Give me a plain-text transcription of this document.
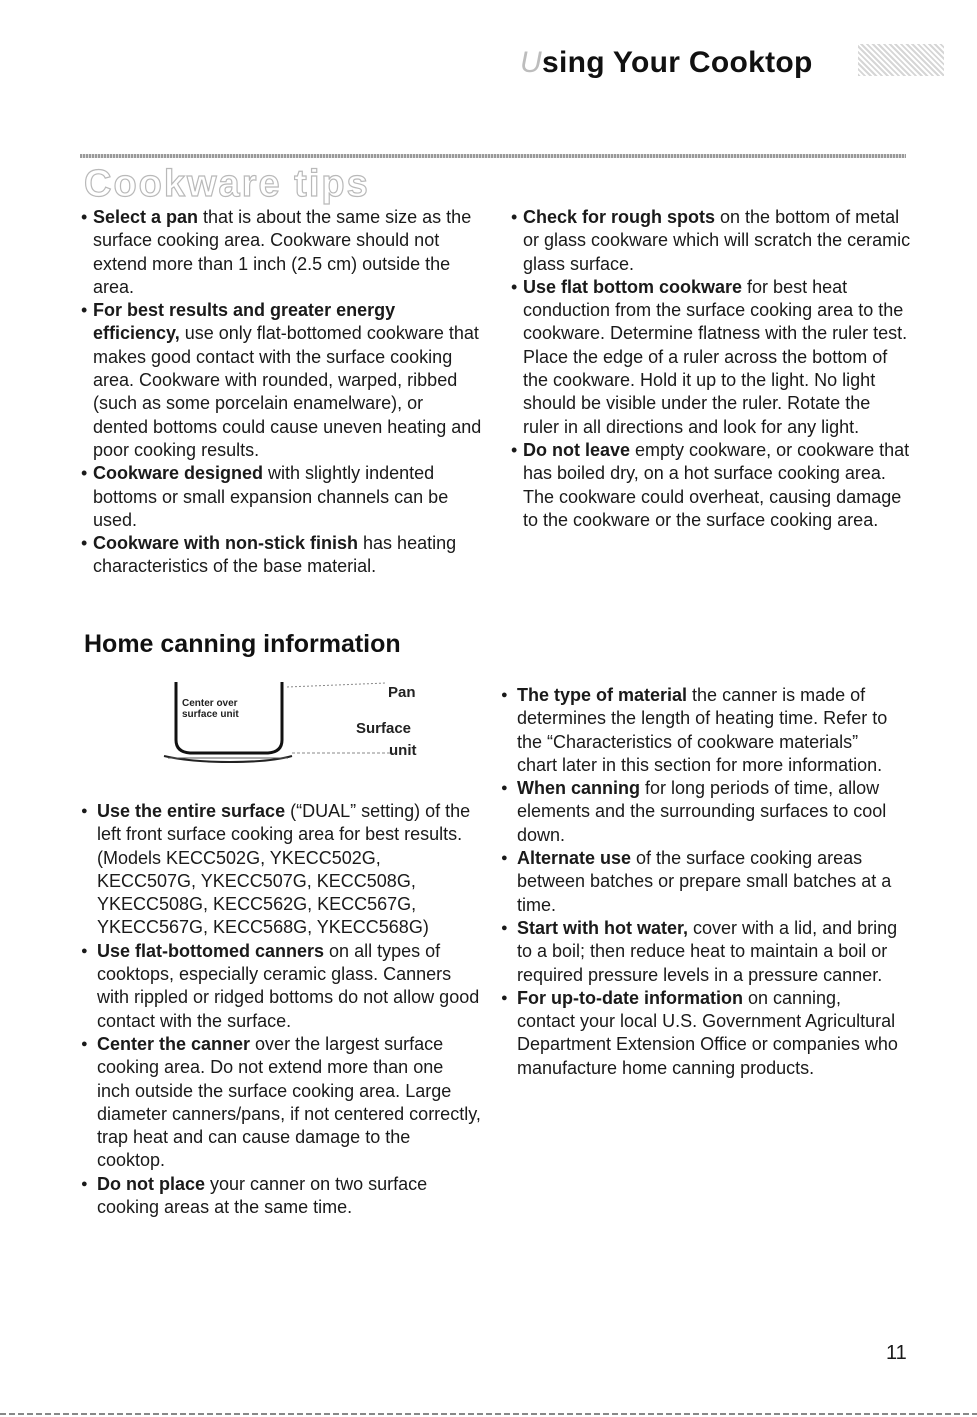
Using Your Cooktop
Cookware tips

• Select a pan that is about the same size as the surface cooking area. Cookware should not extend more than 1 inch (2.5 cm) outside the area.

• For best results and greater energy efficiency, use only flat-bottomed cookware that makes good contact with the surface cooking area. Cookware with rounded, warped, ribbed (such as some porcelain enamelware), or dented bottoms could cause uneven heating and poor cooking results.

• Cookware designed with slightly indented bottoms or small expansion channels can be used.

• Cookware with non-stick finish has heating characteristics of the base material.

• Check for rough spots on the bottom of metal or glass cookware which will scratch the ceramic glass surface.

• Use flat bottom cookware for best heat conduction from the surface cooking area to the cookware. Determine flatness with the ruler test. Place the edge of a ruler across the bottom of the cookware. Hold it up to the light. No light should be visible under the ruler. Rotate the ruler in all directions and look for any light.

• Do not leave empty cookware, or cookware that has boiled dry, on a hot surface cooking area. The cookware could overheat, causing damage to the cookware or the surface cooking area.

Home canning information
Center over
surface unit
Pan
Surface
unit

● Use the entire surface (“DUAL” setting) of the left front surface cooking area for best results. (Models KECC502G, YKECC502G, KECC507G, YKECC507G, KECC508G, YKECC508G, KECC562G, KECC567G, YKECC567G, KECC568G, YKECC568G)

● Use flat-bottomed canners on all types of cooktops, especially ceramic glass. Canners with rippled or ridged bottoms do not allow good contact with the surface.

● Center the canner over the largest surface cooking area. Do not extend more than one inch outside the surface cooking area. Large diameter canners/pans, if not centered correctly, trap heat and can cause damage to the cooktop.

● Do not place your canner on two surface cooking areas at the same time.

● The type of material the canner is made of determines the length of heating time. Refer to the “Characteristics of cookware materials” chart later in this section for more information.

● When canning for long periods of time, allow elements and the surrounding surfaces to cool down.

● Alternate use of the surface cooking areas between batches or prepare small batches at a time.

● Start with hot water, cover with a lid, and bring to a boil; then reduce heat to maintain a boil or required pressure levels in a pressure canner.

● For up-to-date information on canning, contact your local U.S. Government Agricultural Department Extension Office or companies who manufacture home canning products.

11
